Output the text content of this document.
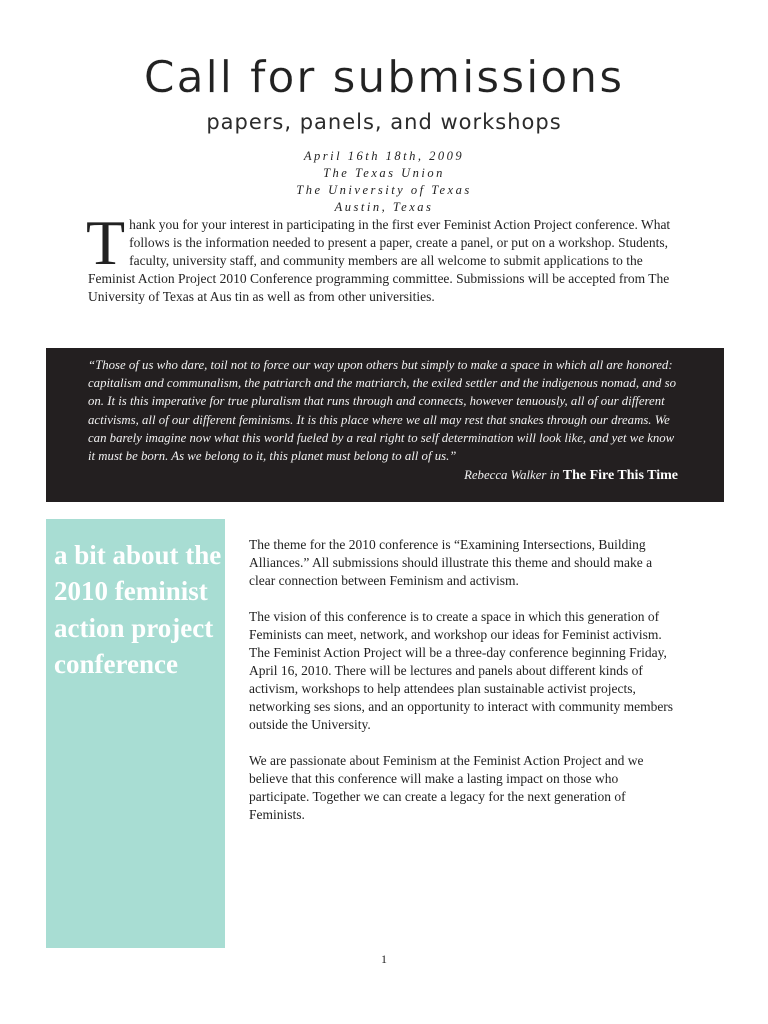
Call for submissions
papers, panels, and workshops
April 16th 18th, 2009
The Texas Union
The University of Texas
Austin, Texas

Thank you for your interest in participating in the first ever Feminist Action Project conference. What follows is the information needed to present a paper, create a panel, or put on a workshop. Students, faculty, university staff, and community members are all welcome to submit applications to the Feminist Action Project 2010 Conference programming committee. Submissions will be accepted from The University of Texas at Aus tin as well as from other universities.

“Those of us who dare, toil not to force our way upon others but simply to make a space in which all are honored: capitalism and communalism, the patriarch and the matriarch, the exiled settler and the indigenous nomad, and so on. It is this imperative for true pluralism that runs through and connects, however tenuously, all of our different activisms, all of our different feminisms. It is this place where we all may rest that snakes through our dreams. We can barely imagine now what this world fueled by a real right to self determination will look like, and yet we know it must be born. As we belong to it, this planet must belong to all of us.”

Rebecca Walker in The Fire This Time
a bit about the 2010 feminist action project conference

The theme for the 2010 conference is “Examining Intersections, Building Alliances.” All submissions should illustrate this theme and should make a clear connection between Feminism and activism.

The vision of this conference is to create a space in which this generation of Feminists can meet, network, and workshop our ideas for Feminist activism. The Feminist Action Project will be a three-day conference beginning Friday, April 16, 2010. There will be lectures and panels about different kinds of activism, workshops to help attendees plan sustainable activist projects, networking ses sions, and an opportunity to interact with community members outside the University.

We are passionate about Feminism at the Feminist Action Project and we believe that this conference will make a lasting impact on those who participate. Together we can create a legacy for the next generation of Feminists.

1
